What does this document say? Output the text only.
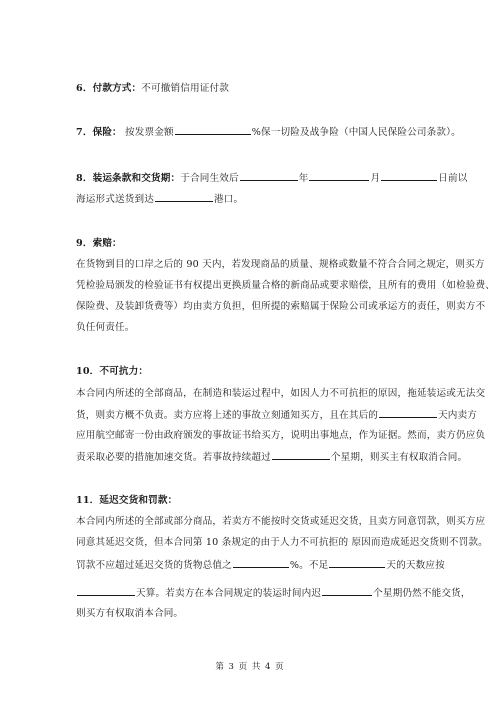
6．付款方式：不可撤销信用证付款
7．保险： 按发票金额	%保一切险及战争险（中国人民保险公司条款）。
8．装运条款和交货期：于合同生效后	年	月	日前以
海运形式送货到达	港口。
9．索赔：
在货物到目的口岸之后的 90 天内，若发现商品的质量、规格或数量不符合合同之规定，则买方
凭检验局颁发的检验证书有权提出更换质量合格的新商品或要求赔偿，且所有的费用（如检验费、
保险费、及装卸货费等）均由卖方负担，但所提的索赔属于保险公司或承运方的责任，则卖方不
负任何责任。
10．不可抗力：
本合同内所述的全部商品，在制造和装运过程中，如因人力不可抗拒的原因，拖延装运或无法交
货，则卖方概不负责。卖方应将上述的事故立刻通知买方，且在其后的	天内卖方
应用航空邮寄一份由政府颁发的事故证书给买方，说明出事地点，作为证据。然而，卖方仍应负
责采取必要的措施加速交货。若事故持续超过	个星期，则买主有权取消合同。
11．延迟交货和罚款：
本合同内所述的全部或部分商品，若卖方不能按时交货或延迟交货，且卖方同意罚款，则买方应
同意其延迟交货，但本合同第 10 条规定的由于人力不可抗拒的 原因而造成延迟交货则不罚款。
罚款不应超过延迟交货的货物总值之	%。不足	天的天数应按
天算。若卖方在本合同规定的装运时间内迟	个星期仍然不能交货，
则买方有权取消本合同。
第 3 页 共 4 页
